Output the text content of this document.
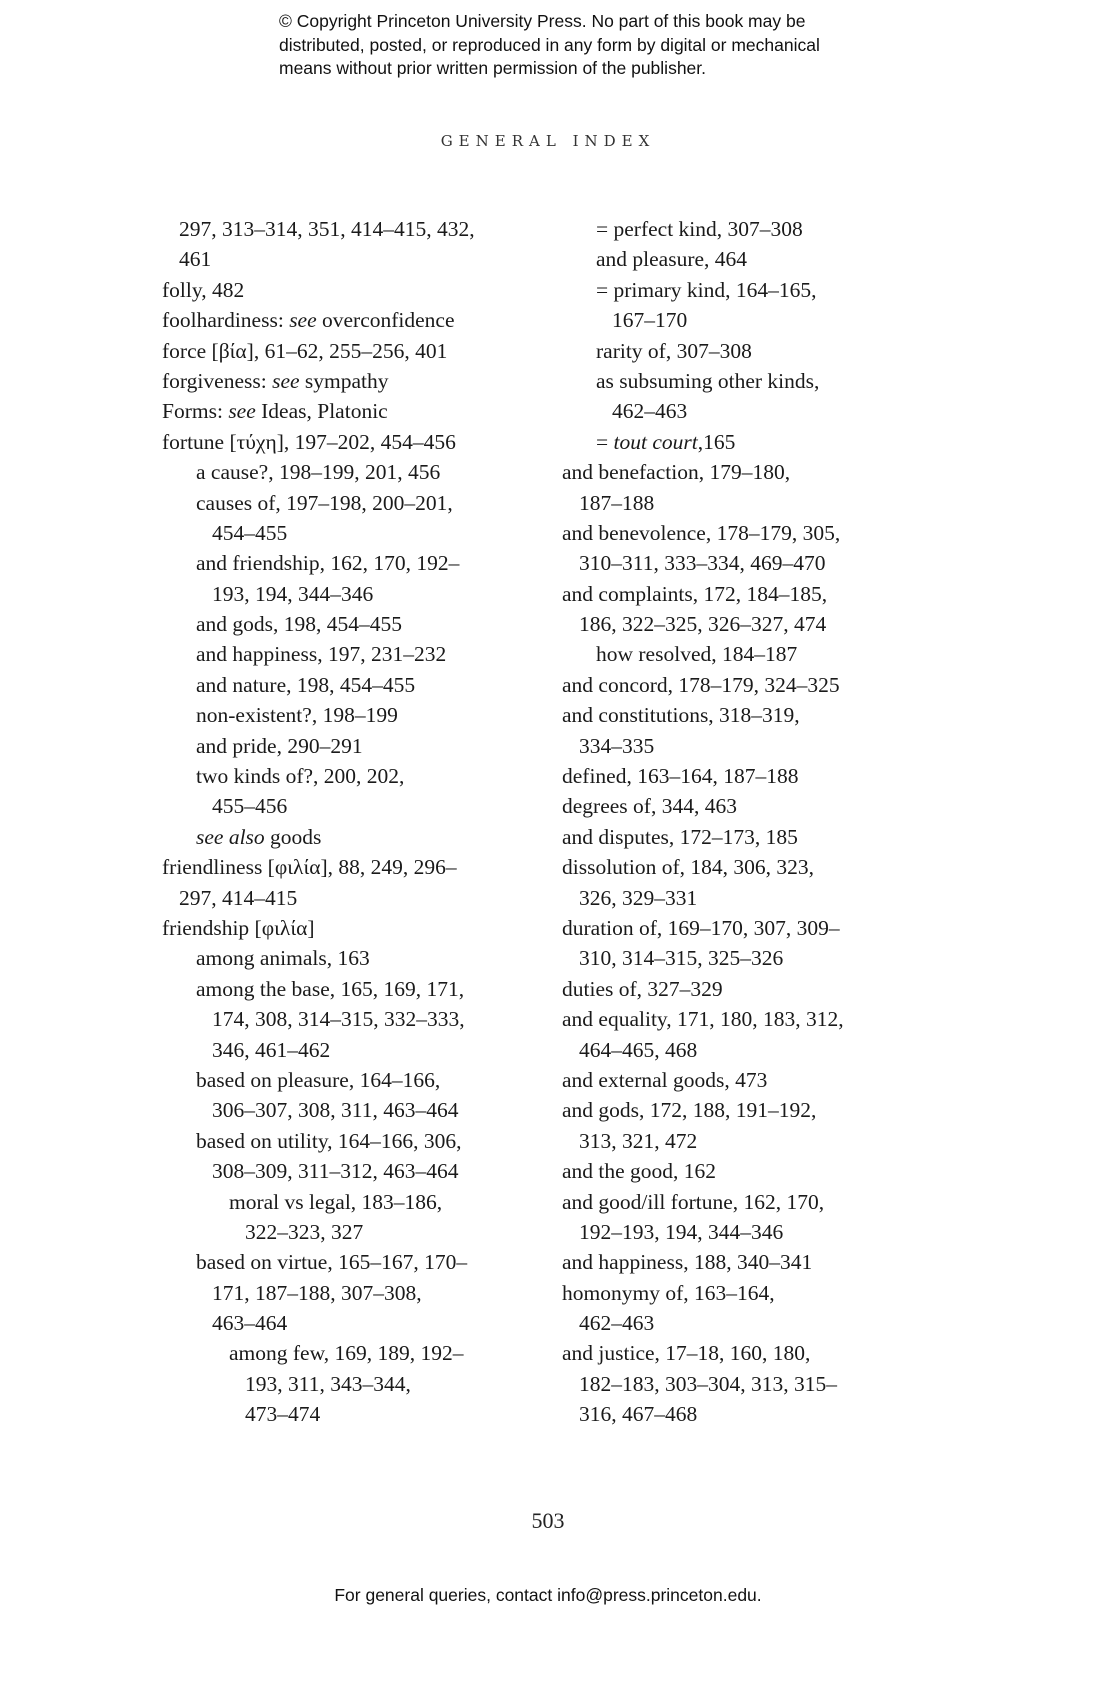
© Copyright Princeton University Press. No part of this book may be
distributed, posted, or reproduced in any form by digital or mechanical
means without prior written permission of the publisher.
GENERAL INDEX
297, 313–314, 351, 414–415, 432,
461
folly, 482
foolhardiness: see overconfidence
force [βία], 61–62, 255–256, 401
forgiveness: see sympathy
Forms: see Ideas, Platonic
fortune [τύχη], 197–202, 454–456
a cause?, 198–199, 201, 456
causes of, 197–198, 200–201,
454–455
and friendship, 162, 170, 192–
193, 194, 344–346
and gods, 198, 454–455
and happiness, 197, 231–232
and nature, 198, 454–455
non-existent?, 198–199
and pride, 290–291
two kinds of?, 200, 202,
455–456
see also goods
friendliness [φιλία], 88, 249, 296–
297, 414–415
friendship [φιλία]
among animals, 163
among the base, 165, 169, 171,
174, 308, 314–315, 332–333,
346, 461–462
based on pleasure, 164–166,
306–307, 308, 311, 463–464
based on utility, 164–166, 306,
308–309, 311–312, 463–464
moral vs legal, 183–186,
322–323, 327
based on virtue, 165–167, 170–
171, 187–188, 307–308,
463–464
among few, 169, 189, 192–
193, 311, 343–344,
473–474
= perfect kind, 307–308
and pleasure, 464
= primary kind, 164–165,
167–170
rarity of, 307–308
as subsuming other kinds,
462–463
= tout court,165
and benefaction, 179–180,
187–188
and benevolence, 178–179, 305,
310–311, 333–334, 469–470
and complaints, 172, 184–185,
186, 322–325, 326–327, 474
how resolved, 184–187
and concord, 178–179, 324–325
and constitutions, 318–319,
334–335
defined, 163–164, 187–188
degrees of, 344, 463
and disputes, 172–173, 185
dissolution of, 184, 306, 323,
326, 329–331
duration of, 169–170, 307, 309–
310, 314–315, 325–326
duties of, 327–329
and equality, 171, 180, 183, 312,
464–465, 468
and external goods, 473
and gods, 172, 188, 191–192,
313, 321, 472
and the good, 162
and good/ill fortune, 162, 170,
192–193, 194, 344–346
and happiness, 188, 340–341
homonymy of, 163–164,
462–463
and justice, 17–18, 160, 180,
182–183, 303–304, 313, 315–
316, 467–468
503
For general queries, contact info@press.princeton.edu.
